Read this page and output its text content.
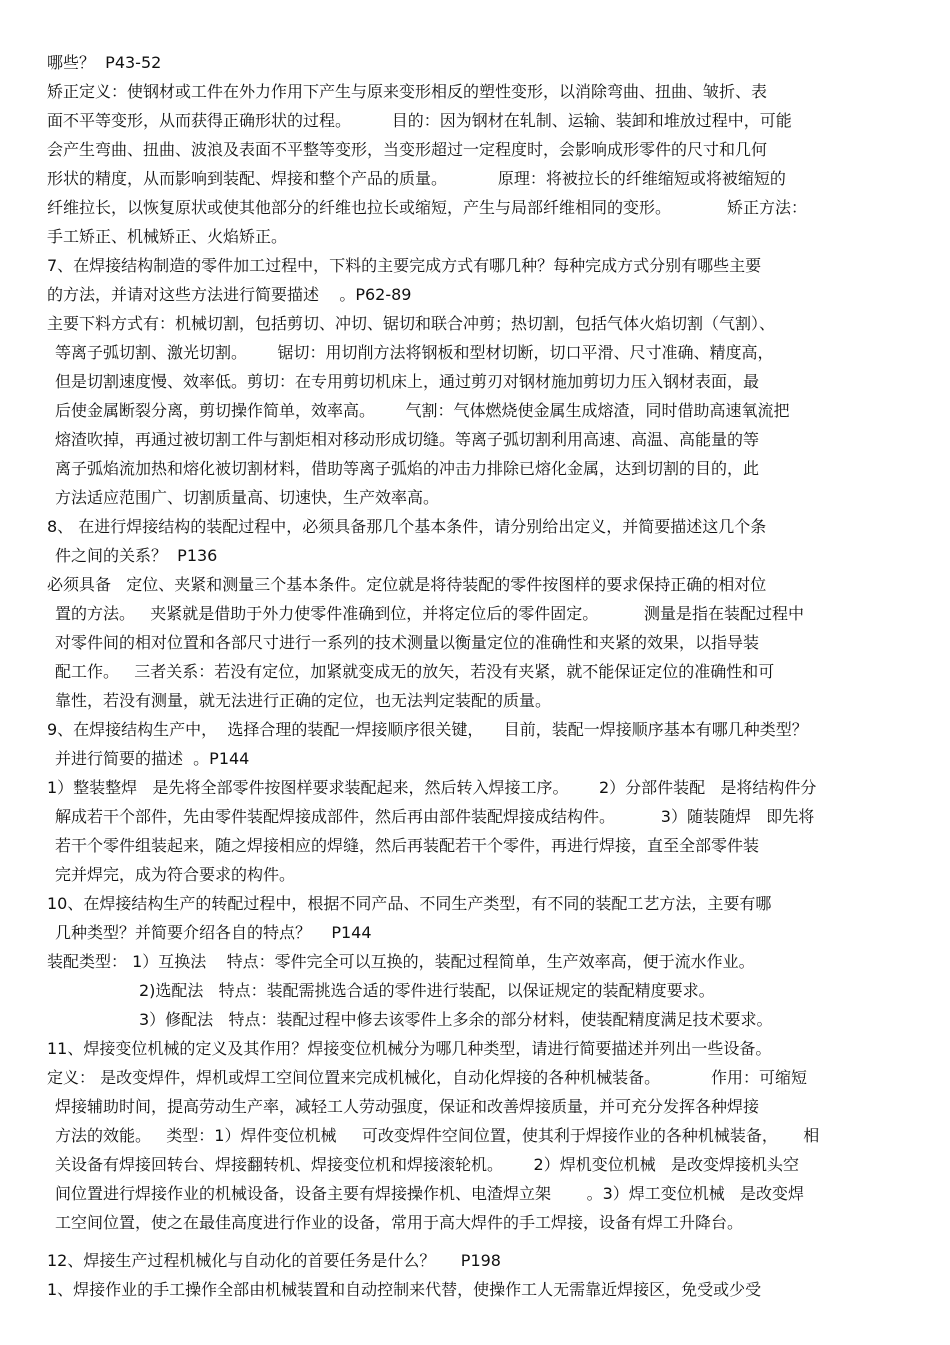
哪些？  P43-52
矫正定义：使钢材或工件在外力作用下产生与原来变形相反的塑性变形，以消除弯曲、扭曲、皱折、表
面不平等变形，从而获得正确形状的过程。        目的：因为钢材在轧制、运输、装卸和堆放过程中，可能
会产生弯曲、扭曲、波浪及表面不平整等变形，当变形超过一定程度时，会影响成形零件的尺寸和几何
形状的精度，从而影响到装配、焊接和整个产品的质量。          原理：将被拉长的纤维缩短或将被缩短的
纤维拉长，以恢复原状或使其他部分的纤维也拉长或缩短，产生与局部纤维相同的变形。           矫正方法：
手工矫正、机械矫正、火焰矫正。
7、在焊接结构制造的零件加工过程中，下料的主要完成方式有哪几种？每种完成方式分别有哪些主要
的方法，并请对这些方法进行简要描述    。P62-89
主要下料方式有：机械切割，包括剪切、冲切、锯切和联合冲剪；热切割，包括气体火焰切割（气割）、
等离子弧切割、激光切割。      锯切：用切削方法将钢板和型材切断，切口平滑、尺寸准确、精度高，
但是切割速度慢、效率低。剪切：在专用剪切机床上，通过剪刃对钢材施加剪切力压入钢材表面，最
后使金属断裂分离，剪切操作简单，效率高。      气割：气体燃烧使金属生成熔渣，同时借助高速氧流把
熔渣吹掉，再通过被切割工件与割炬相对移动形成切缝。等离子弧切割利用高速、高温、高能量的等
离子弧焰流加热和熔化被切割材料，借助等离子弧焰的冲击力排除已熔化金属，达到切割的目的，此
方法适应范围广、切割质量高、切速快，生产效率高。
8、 在进行焊接结构的装配过程中，必须具备那几个基本条件，请分别给出定义，并简要描述这几个条
件之间的关系？  P136
必须具备   定位、夹紧和测量三个基本条件。定位就是将待装配的零件按图样的要求保持正确的相对位
置的方法。   夹紧就是借助于外力使零件准确到位，并将定位后的零件固定。         测量是指在装配过程中
对零件间的相对位置和各部尺寸进行一系列的技术测量以衡量定位的准确性和夹紧的效果，以指导装
配工作。   三者关系：若没有定位，加紧就变成无的放矢，若没有夹紧，就不能保证定位的准确性和可
靠性，若没有测量，就无法进行正确的定位，也无法判定装配的质量。
9、在焊接结构生产中，  选择合理的装配一焊接顺序很关键，    目前，装配一焊接顺序基本有哪几种类型？
并进行简要的描述  。P144
1）整装整焊   是先将全部零件按图样要求装配起来，然后转入焊接工序。      2）分部件装配   是将结构件分
解成若干个部件，先由零件装配焊接成部件，然后再由部件装配焊接成结构件。         3）随装随焊   即先将
若干个零件组装起来，随之焊接相应的焊缝，然后再装配若干个零件，再进行焊接，直至全部零件装
完并焊完，成为符合要求的构件。
10、在焊接结构生产的转配过程中，根据不同产品、不同生产类型，有不同的装配工艺方法，主要有哪
几种类型？并简要介绍各自的特点？    P144
装配类型： 1）互换法    特点：零件完全可以互换的，装配过程简单，生产效率高，便于流水作业。
2)选配法   特点：装配需挑选合适的零件进行装配，以保证规定的装配精度要求。
3）修配法   特点：装配过程中修去该零件上多余的部分材料，使装配精度满足技术要求。
11、焊接变位机械的定义及其作用？焊接变位机械分为哪几种类型，请进行简要描述并列出一些设备。
定义： 是改变焊件，焊机或焊工空间位置来完成机械化，自动化焊接的各种机械装备。          作用：可缩短
焊接辅助时间，提高劳动生产率，减轻工人劳动强度，保证和改善焊接质量，并可充分发挥各种焊接
方法的效能。   类型：1）焊件变位机械     可改变焊件空间位置，使其利于焊接作业的各种机械装备，     相
关设备有焊接回转台、焊接翻转机、焊接变位机和焊接滚轮机。      2）焊机变位机械   是改变焊接机头空
间位置进行焊接作业的机械设备，设备主要有焊接操作机、电渣焊立架       。3）焊工变位机械   是改变焊
工空间位置，使之在最佳高度进行作业的设备，常用于高大焊件的手工焊接，设备有焊工升降台。
12、焊接生产过程机械化与自动化的首要任务是什么？     P198
1、焊接作业的手工操作全部由机械装置和自动控制来代替，使操作工人无需靠近焊接区，免受或少受
